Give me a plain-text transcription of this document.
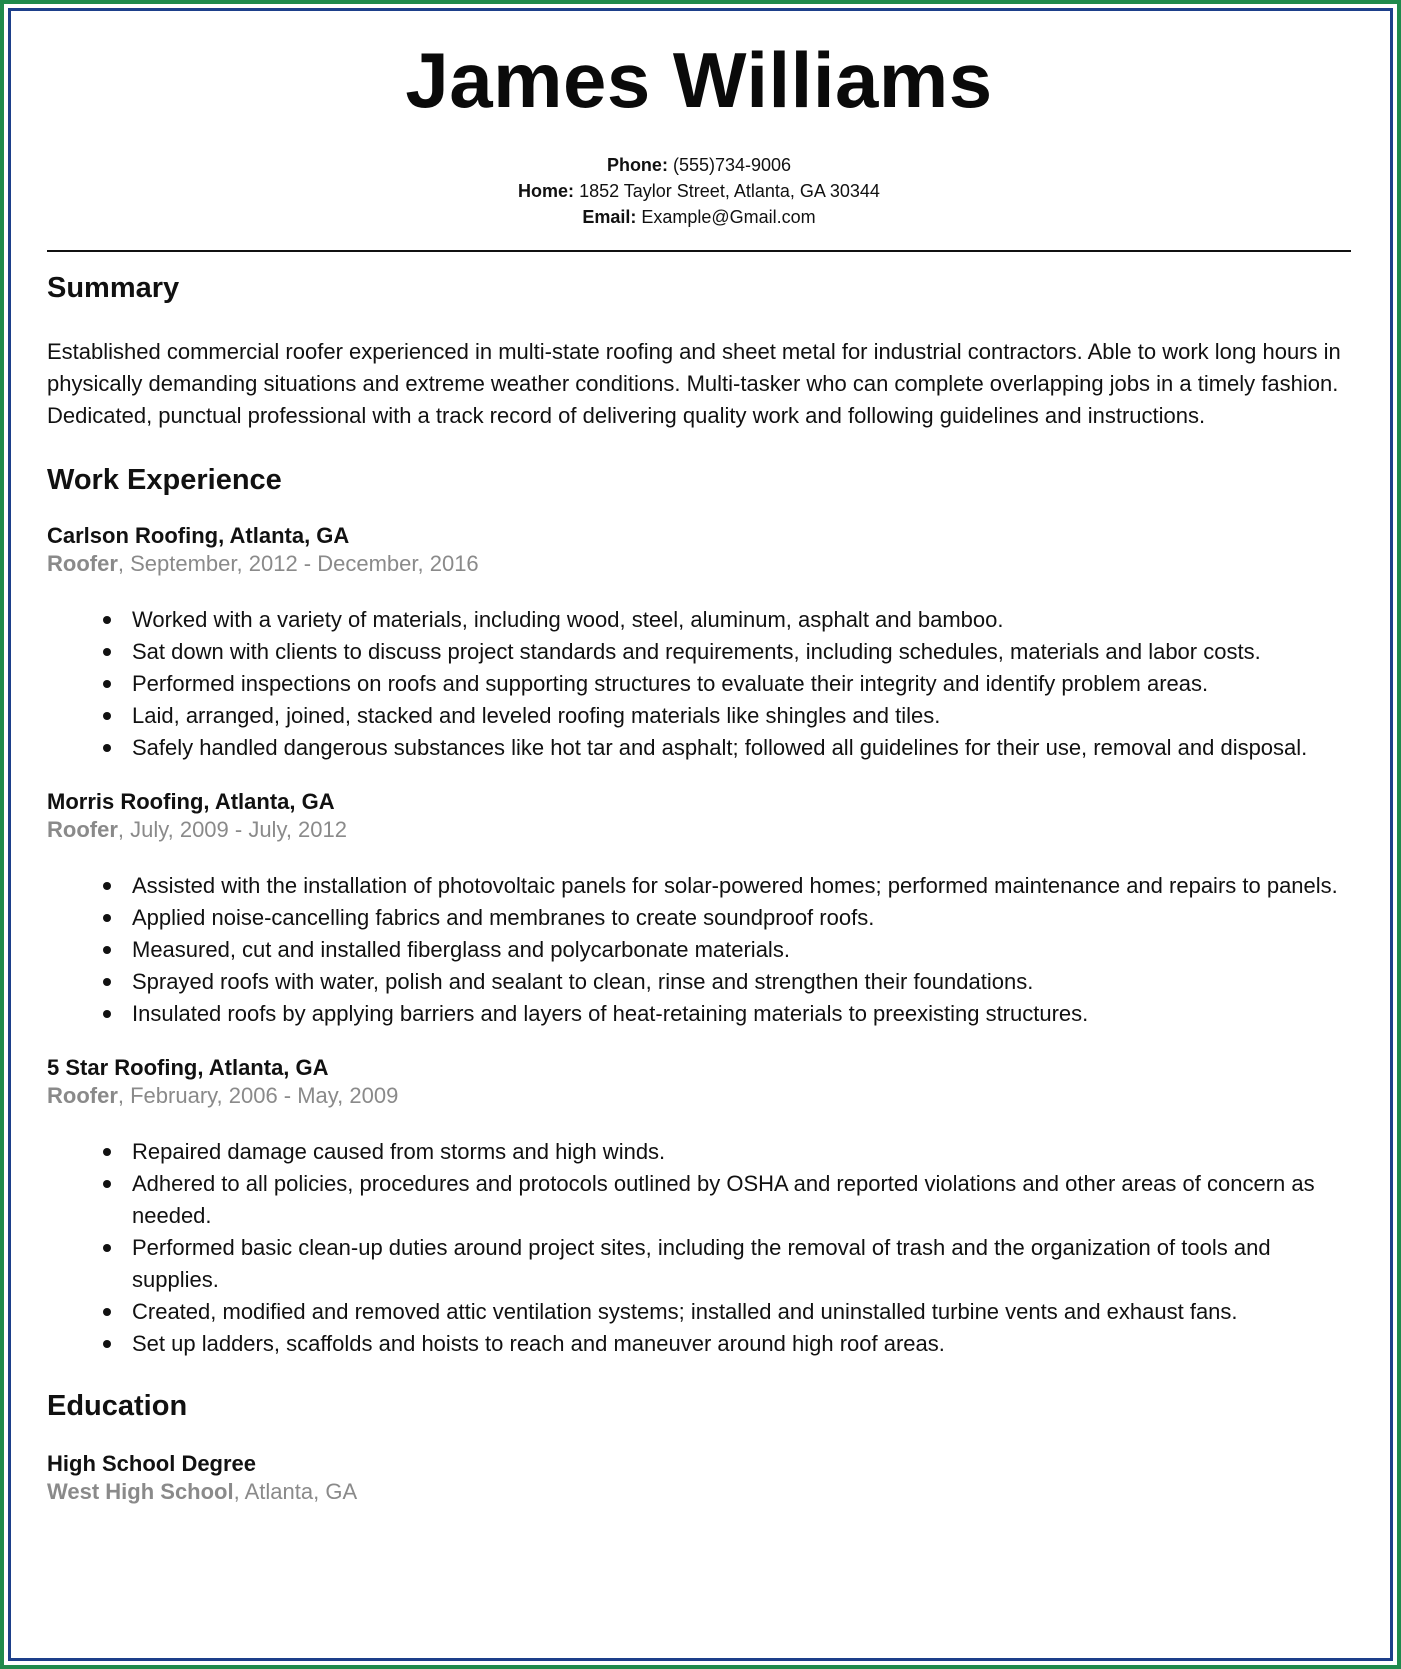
James Williams
Phone: (555)734-9006
Home: 1852 Taylor Street, Atlanta, GA 30344
Email: Example@Gmail.com
Summary
Established commercial roofer experienced in multi-state roofing and sheet metal for industrial contractors. Able to work long hours in physically demanding situations and extreme weather conditions. Multi-tasker who can complete overlapping jobs in a timely fashion. Dedicated, punctual professional with a track record of delivering quality work and following guidelines and instructions.
Work Experience
Carlson Roofing, Atlanta, GA
Roofer, September, 2012 - December, 2016
Worked with a variety of materials, including wood, steel, aluminum, asphalt and bamboo.
Sat down with clients to discuss project standards and requirements, including schedules, materials and labor costs.
Performed inspections on roofs and supporting structures to evaluate their integrity and identify problem areas.
Laid, arranged, joined, stacked and leveled roofing materials like shingles and tiles.
Safely handled dangerous substances like hot tar and asphalt; followed all guidelines for their use, removal and disposal.
Morris Roofing, Atlanta, GA
Roofer, July, 2009 - July, 2012
Assisted with the installation of photovoltaic panels for solar-powered homes; performed maintenance and repairs to panels.
Applied noise-cancelling fabrics and membranes to create soundproof roofs.
Measured, cut and installed fiberglass and polycarbonate materials.
Sprayed roofs with water, polish and sealant to clean, rinse and strengthen their foundations.
Insulated roofs by applying barriers and layers of heat-retaining materials to preexisting structures.
5 Star Roofing, Atlanta, GA
Roofer, February, 2006 - May, 2009
Repaired damage caused from storms and high winds.
Adhered to all policies, procedures and protocols outlined by OSHA and reported violations and other areas of concern as needed.
Performed basic clean-up duties around project sites, including the removal of trash and the organization of tools and supplies.
Created, modified and removed attic ventilation systems; installed and uninstalled turbine vents and exhaust fans.
Set up ladders, scaffolds and hoists to reach and maneuver around high roof areas.
Education
High School Degree
West High School, Atlanta, GA
